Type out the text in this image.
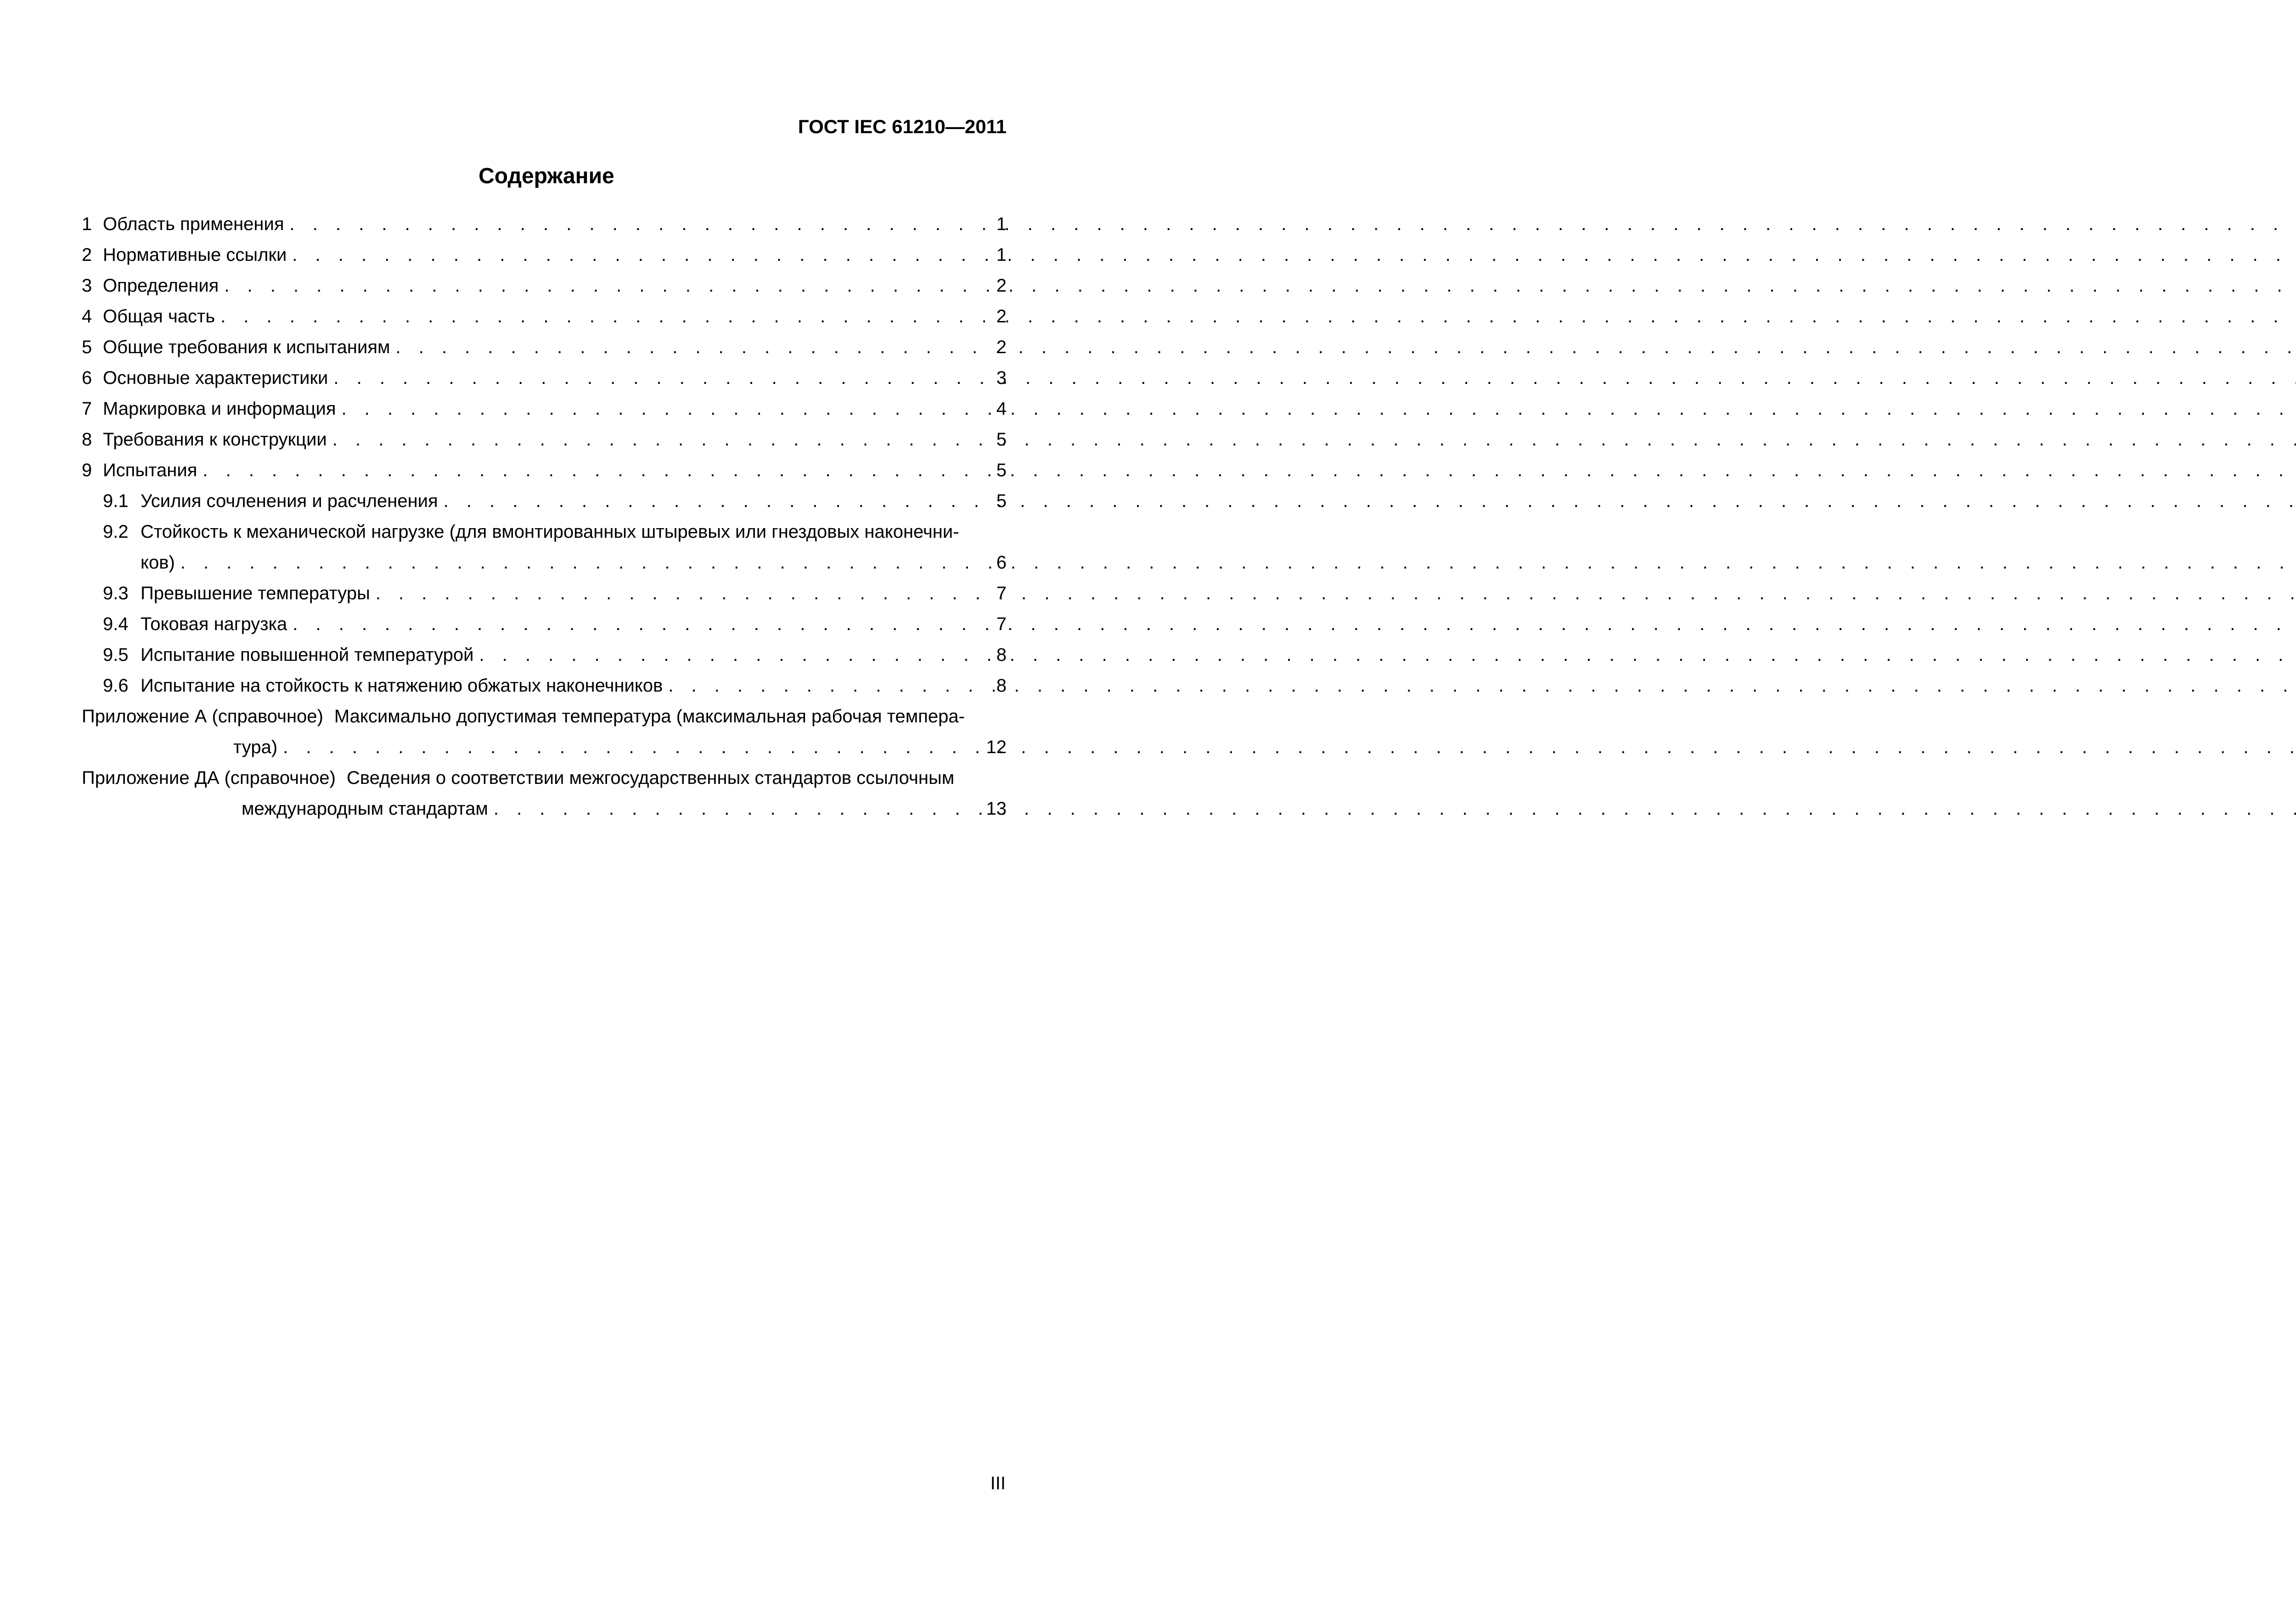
ГОСТ IEC 61210—2011
Содержание
1 Область применения . . .	1
2 Нормативные ссылки . . .	1
3 Определения . . .	2
4 Общая часть . . .	2
5 Общие требования к испытаниям . . .	2
6 Основные характеристики . . .	3
7 Маркировка и информация . . .	4
8 Требования к конструкции . . .	5
9 Испытания . . .	5
9.1 Усилия сочленения и расчленения . . .	5
9.2 Стойкость к механической нагрузке (для вмонтированных штыревых или гнездовых наконечни-
ков) . . .	6
9.3 Превышение температуры . . .	7
9.4 Токовая нагрузка . . .	7
9.5 Испытание повышенной температурой . . .	8
9.6 Испытание на стойкость к натяжению обжатых наконечников . . .	8
Приложение А (справочное) Максимально допустимая температура (максимальная рабочая темпера-
тура) . . .	12
Приложение ДА (справочное) Сведения о соответствии межгосударственных стандартов ссылочным
международным стандартам . . .	13
III
